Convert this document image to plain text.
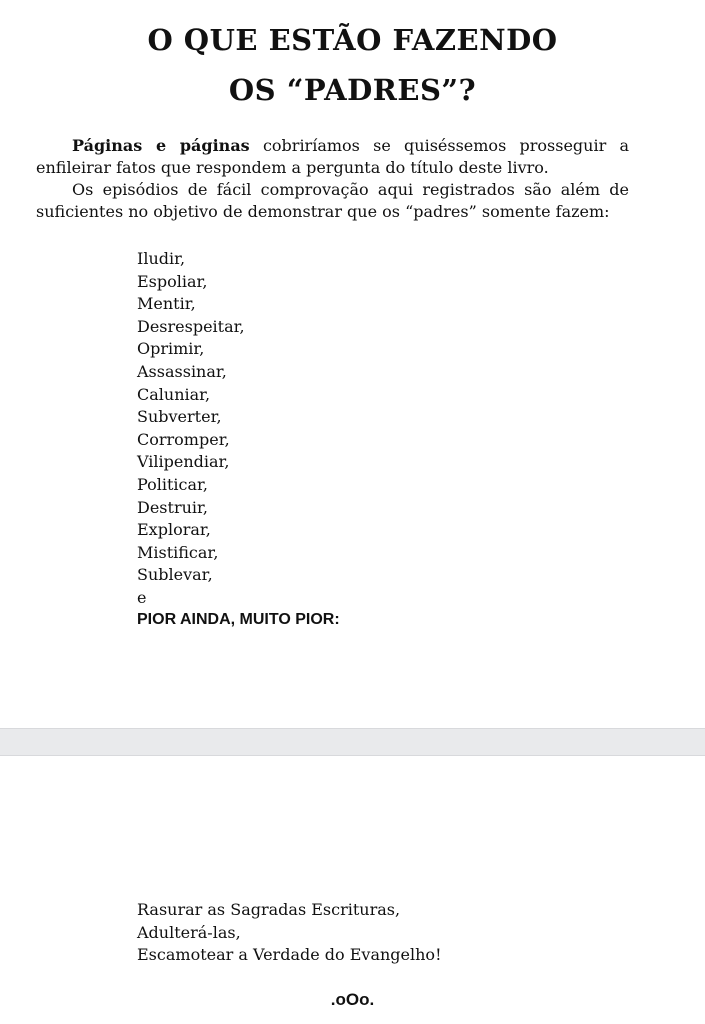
O QUE ESTÃO FAZENDO
OS “PADRES”?

Páginas e páginas cobriríamos se quiséssemos prosseguir a
enfileirar fatos que respondem a pergunta do título deste livro.

Os episódios de fácil comprovação aqui registrados são além de
suficientes no objetivo de demonstrar que os “padres” somente fazem:

Iludir,
Espoliar,
Mentir,
Desrespeitar,
Oprimir,
Assassinar,
Caluniar,
Subverter,
Corromper,
Vilipendiar,
Politicar,
Destruir,
Explorar,
Mistificar,
Sublevar,
e

PIOR AINDA, MUITO PIOR:

Rasurar as Sagradas Escrituras,
Adulterá-las,
Escamotear a Verdade do Evangelho!

.oOo.
